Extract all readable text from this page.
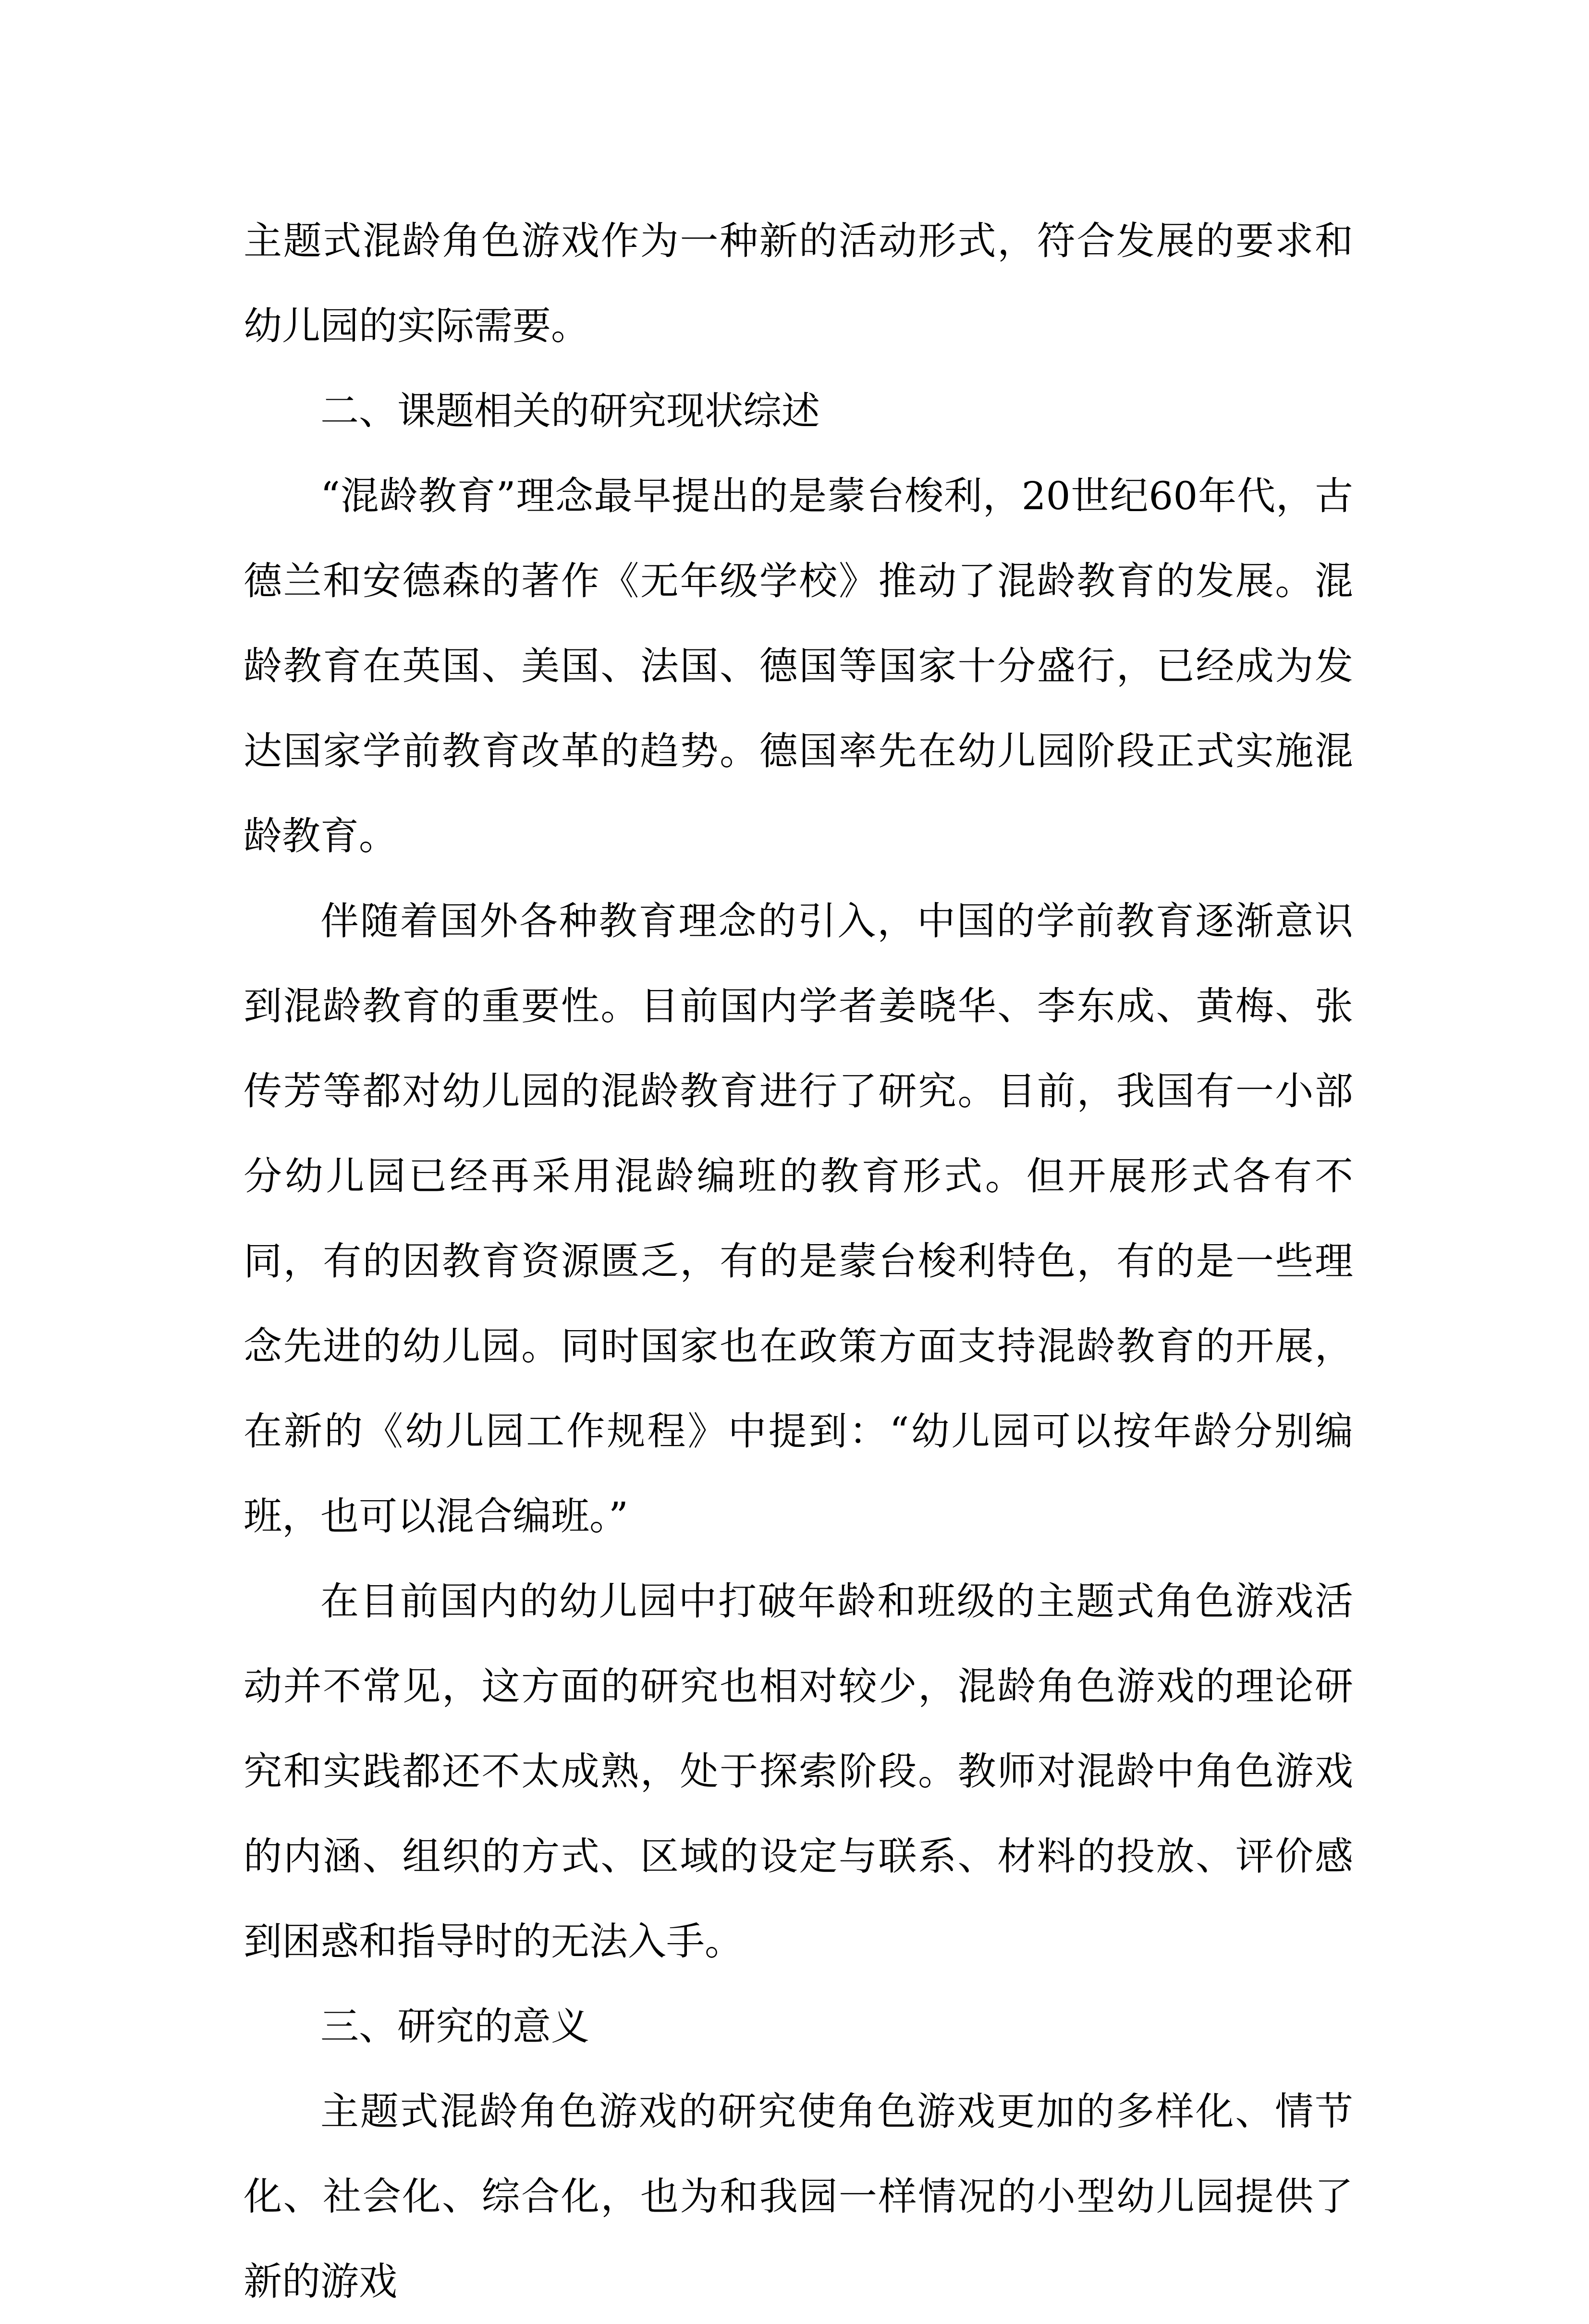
主题式混龄角色游戏作为一种新的活动形式，符合发展的要求和幼儿园的实际需要。

二、课题相关的研究现状综述

“混龄教育”理念最早提出的是蒙台梭利，20世纪60年代，古德兰和安德森的著作《无年级学校》推动了混龄教育的发展。混龄教育在英国、美国、法国、德国等国家十分盛行，已经成为发达国家学前教育改革的趋势。德国率先在幼儿园阶段正式实施混龄教育。

伴随着国外各种教育理念的引入，中国的学前教育逐渐意识到混龄教育的重要性。目前国内学者姜晓华、李东成、黄梅、张传芳等都对幼儿园的混龄教育进行了研究。目前，我国有一小部分幼儿园已经再采用混龄编班的教育形式。但开展形式各有不同，有的因教育资源匮乏，有的是蒙台梭利特色，有的是一些理念先进的幼儿园。同时国家也在政策方面支持混龄教育的开展，在新的《幼儿园工作规程》中提到：“幼儿园可以按年龄分别编班，也可以混合编班。”

在目前国内的幼儿园中打破年龄和班级的主题式角色游戏活动并不常见，这方面的研究也相对较少，混龄角色游戏的理论研究和实践都还不太成熟，处于探索阶段。教师对混龄中角色游戏的内涵、组织的方式、区域的设定与联系、材料的投放、评价感到困惑和指导时的无法入手。

三、研究的意义

主题式混龄角色游戏的研究使角色游戏更加的多样化、情节化、社会化、综合化，也为和我园一样情况的小型幼儿园提供了新的游戏
